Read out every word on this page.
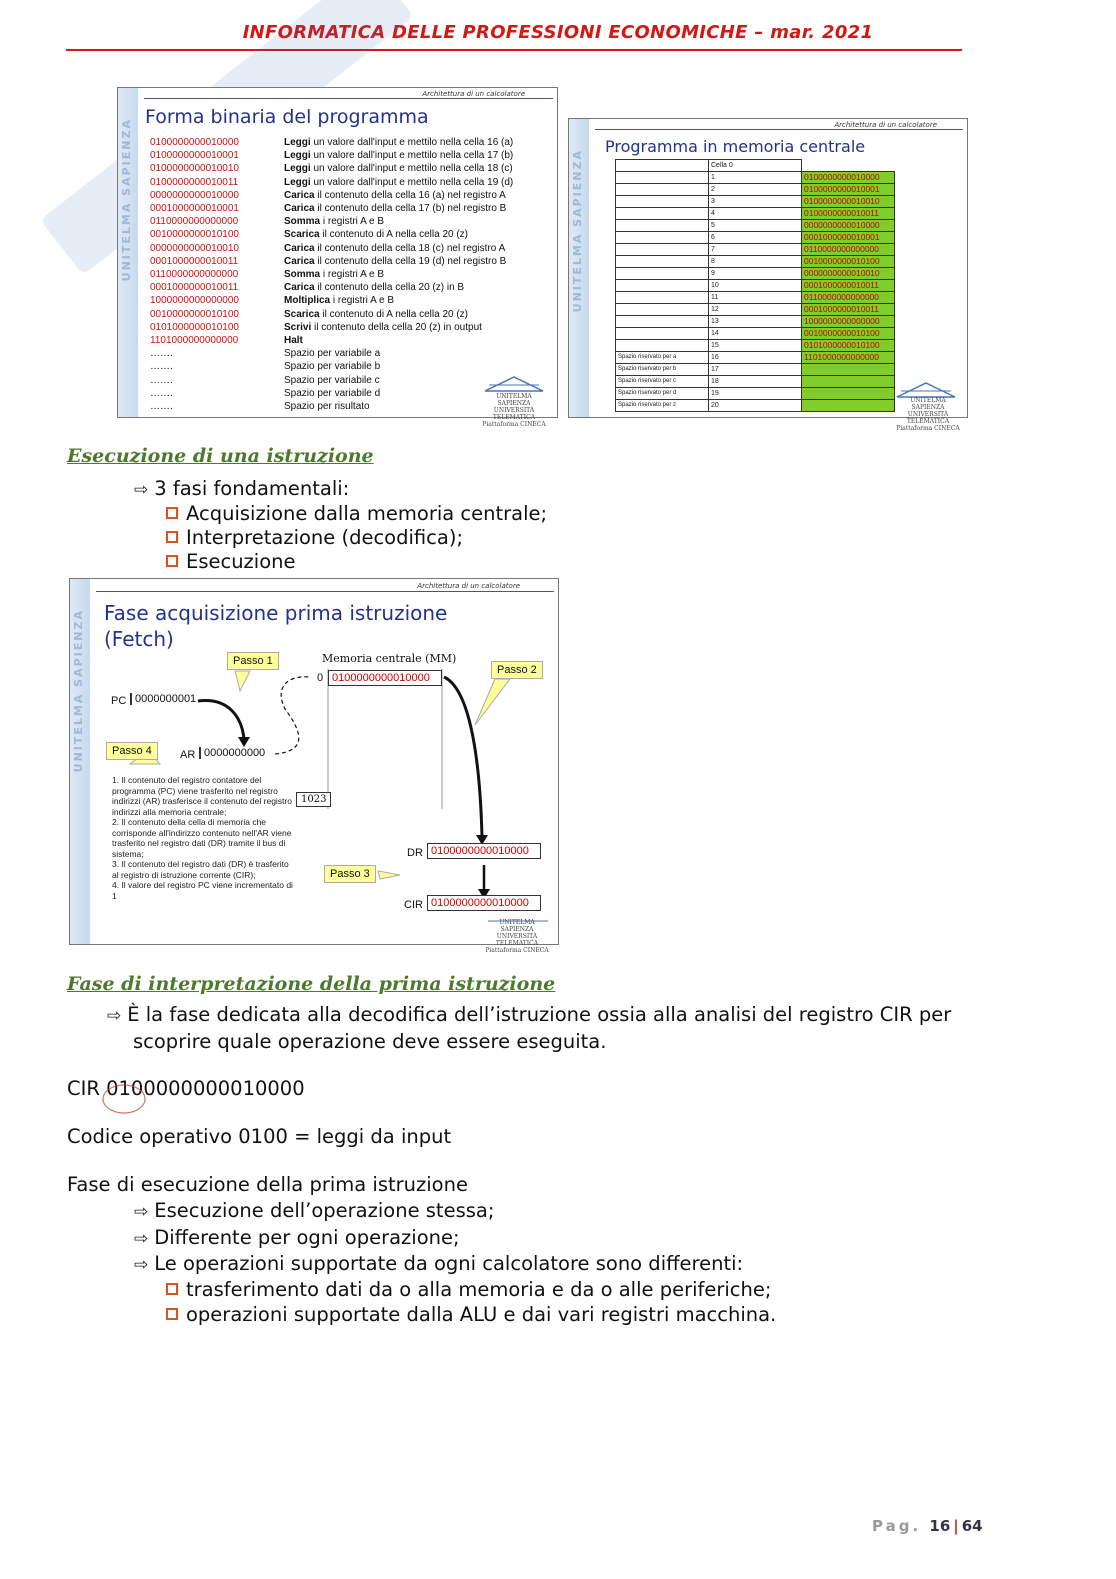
INFORMATICA DELLE PROFESSIONI ECONOMICHE – mar. 2021
UNITELMA SAPIENZA
Architettura di un calcolatore
Forma binaria del programma
0100000000010000	Leggi un valore dall'input e mettilo nella cella 16 (a)
0100000000010001	Leggi un valore dall'input e mettilo nella cella 17 (b)
0100000000010010	Leggi un valore dall'input e mettilo nella cella 18 (c)
0100000000010011	Leggi un valore dall'input e mettilo nella cella 19 (d)
0000000000010000	Carica il contenuto della cella 16 (a) nel registro A
0001000000010001	Carica il contenuto della cella 17 (b) nel registro B
0110000000000000	Somma i registri A e B
0010000000010100	Scarica il contenuto di A nella cella 20 (z)
0000000000010010	Carica il contenuto della cella 18 (c) nel registro A
0001000000010011	Carica il contenuto della cella 19 (d) nel registro B
0110000000000000	Somma i registri A e B
0001000000010011	Carica il contenuto della cella 20 (z) in B
1000000000000000	Moltiplica i registri A e B
0010000000010100	Scarica il contenuto di A nella cella 20 (z)
0101000000010100	Scrivi il contenuto della cella 20 (z) in output
1101000000000000	Halt
…….	Spazio per variabile a
…….	Spazio per variabile b
…….	Spazio per variabile c
…….	Spazio per variabile d
…….	Spazio per risultato
UNITELMA SAPIENZA UNIVERSITÀ TELEMATICA Piattaforma CINECA
UNITELMA SAPIENZA
Architettura di un calcolatore
Programma in memoria centrale
	Cella 0	
	1	0100000000010000
	2	0100000000010001
	3	0100000000010010
	4	0100000000010011
	5	0000000000010000
	6	0001000000010001
	7	0110000000000000
	8	0010000000010100
	9	0000000000010010
	10	0001000000010011
	11	0110000000000000
	12	0001000000010011
	13	1000000000000000
	14	0010000000010100
	15	0101000000010100
Spazio riservato per a	16	1101000000000000
Spazio riservato per b	17	
Spazio riservato per c	18	
Spazio riservato per d	19	
Spazio riservato per z	20	
UNITELMA SAPIENZA UNIVERSITÀ TELEMATICA Piattaforma CINECA
Esecuzione di una istruzione
⇨ 3 fasi fondamentali:
Acquisizione dalla memoria centrale;
Interpretazione (decodifica);
Esecuzione
UNITELMA SAPIENZA
Architettura di un calcolatore
Fase acquisizione prima istruzione
(Fetch)
Memoria centrale (MM)
0 0100000000010000
1023
Passo 1
Passo 2
Passo 3
Passo 4
PC 0000000001
AR 0000000000
DR 0100000000010000
CIR 0100000000010000
1. Il contenuto del registro contatore del programma (PC) viene trasferito nel registro indirizzi (AR) trasferisce il contenuto del registro indirizzi alla memoria centrale;
2. Il contenuto della cella di memoria che corrisponde all'indirizzo contenuto nell'AR viene trasferito nel registro dati (DR) tramite il bus di sistema;
3. Il contenuto del registro dati (DR) è trasferito al registro di istruzione corrente (CIR);
4. Il valore del registro PC viene incrementato di 1
UNITELMA SAPIENZA UNIVERSITÀ TELEMATICA Piattaforma CINECA
Fase di interpretazione della prima istruzione
⇨ È la fase dedicata alla decodifica dell’istruzione ossia alla analisi del registro CIR per
scoprire quale operazione deve essere eseguita.
CIR 0100000000010000
Codice operativo 0100 = leggi da input
Fase di esecuzione della prima istruzione
⇨ Esecuzione dell’operazione stessa;
⇨ Differente per ogni operazione;
⇨ Le operazioni supportate da ogni calcolatore sono differenti:
trasferimento dati da o alla memoria e da o alle periferiche;
operazioni supportate dalla ALU e dai vari registri macchina.
Pag. 16 | 64
